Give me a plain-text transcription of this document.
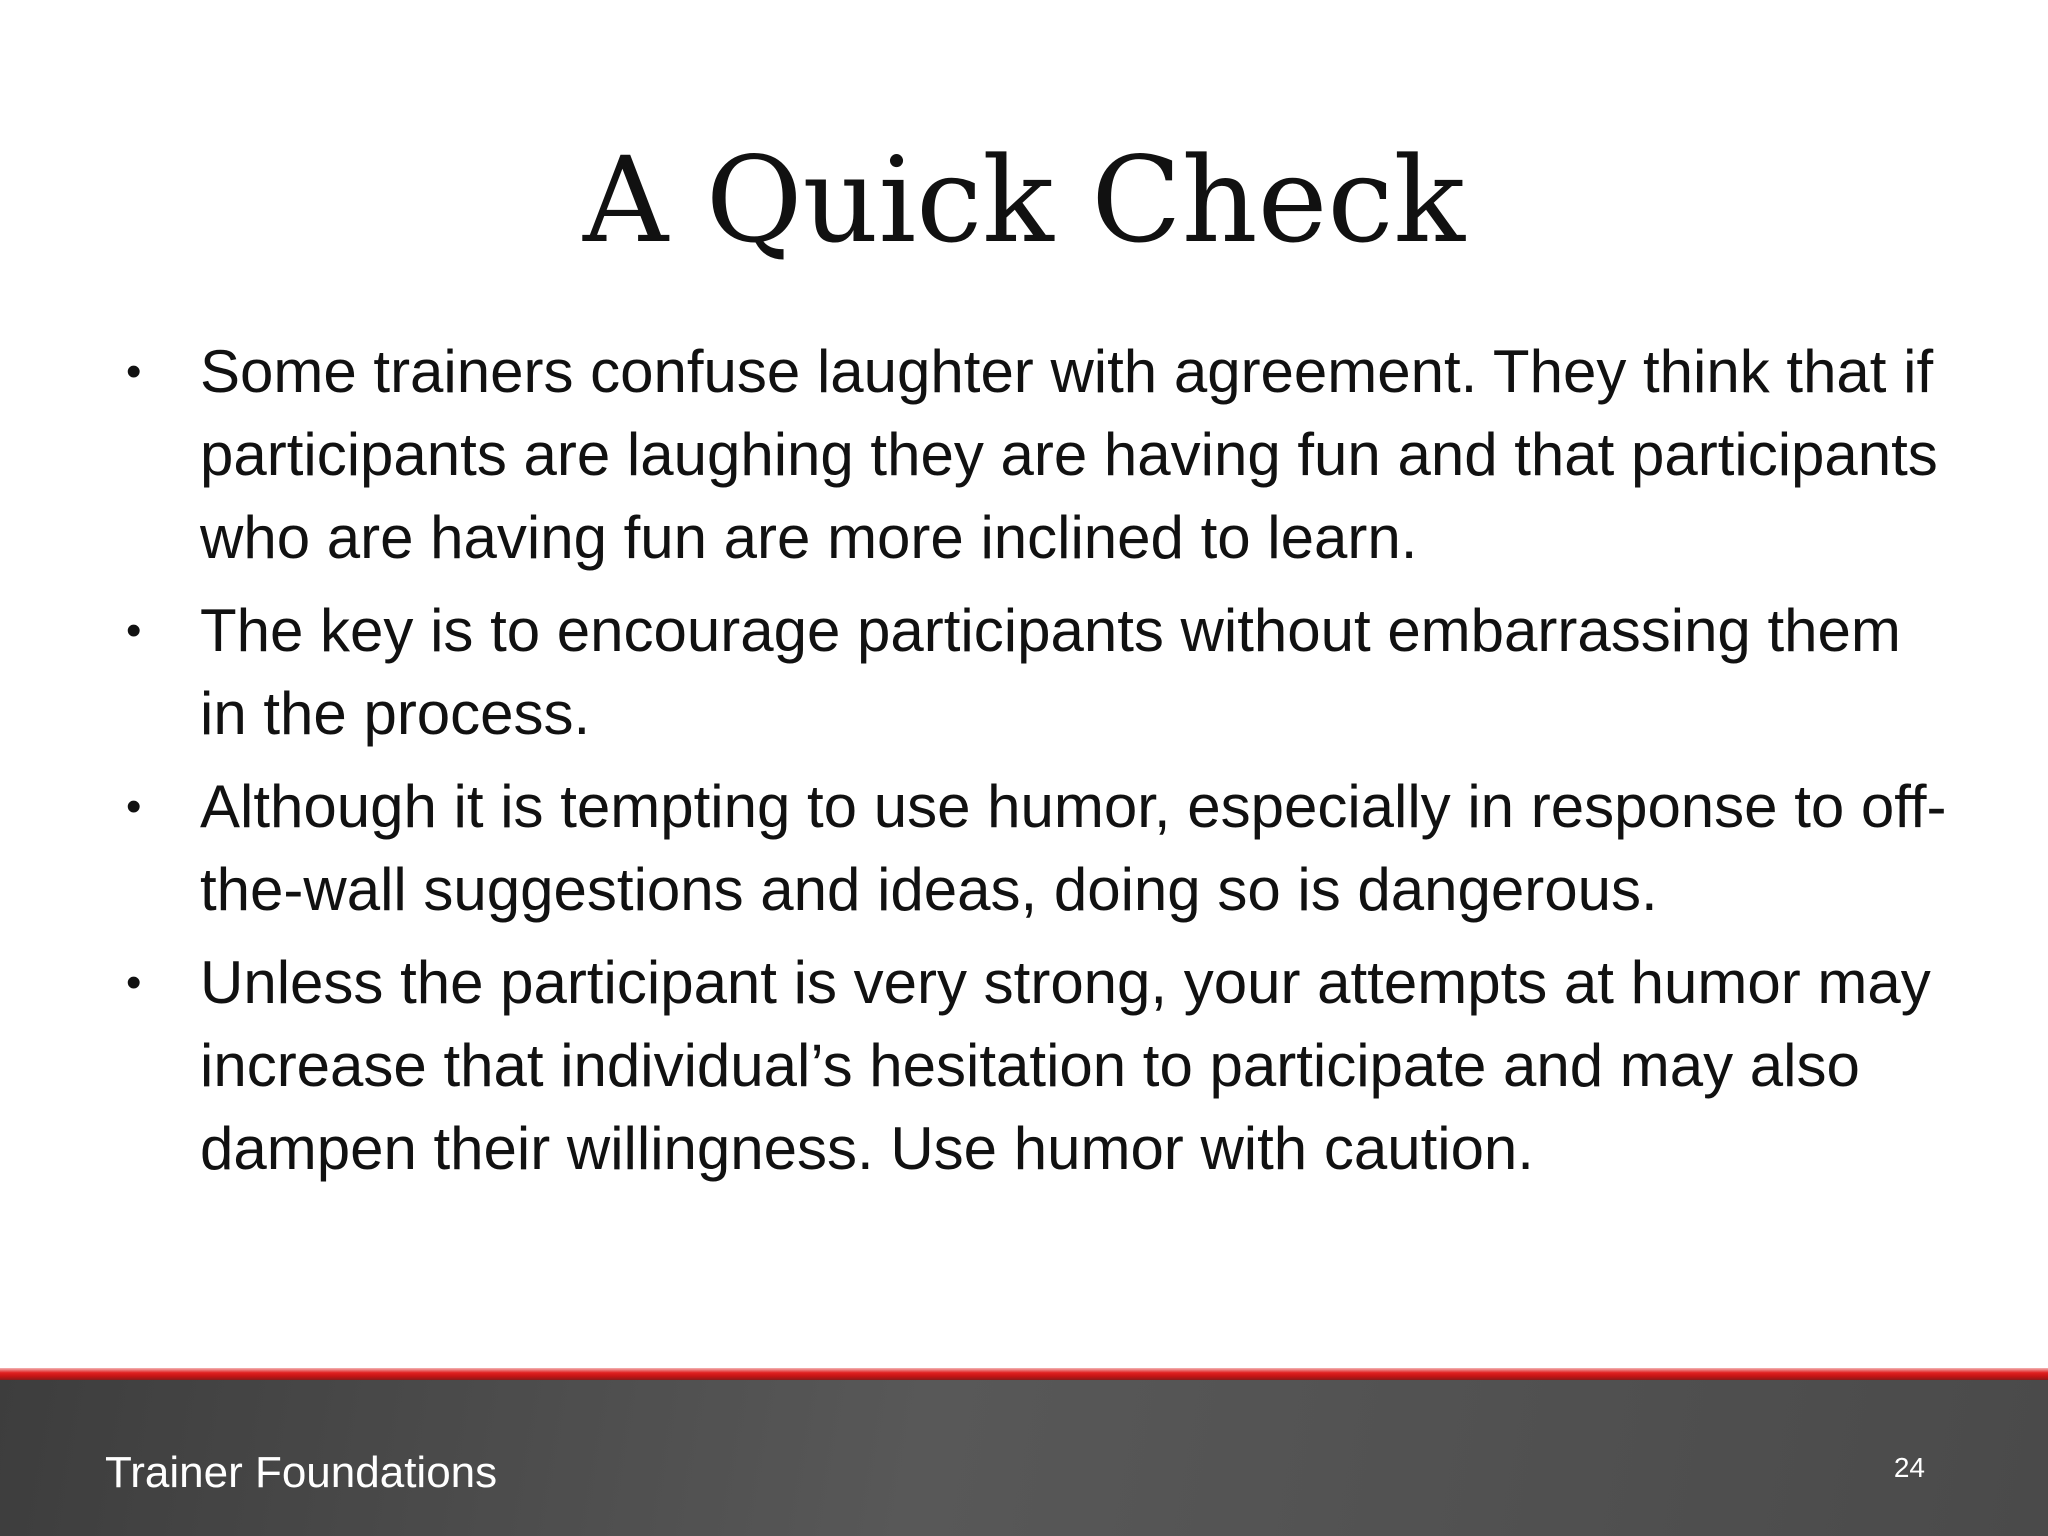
A Quick Check
• Some trainers confuse laughter with agreement. They think that if participants are laughing they are having fun and that participants who are having fun are more inclined to learn.
• The key is to encourage participants without embarrassing them in the process.
• Although it is tempting to use humor, especially in response to off-the-wall suggestions and ideas, doing so is dangerous.
• Unless the participant is very strong, your attempts at humor may increase that individual’s hesitation to participate and may also dampen their willingness. Use humor with caution.
Trainer Foundations	24
